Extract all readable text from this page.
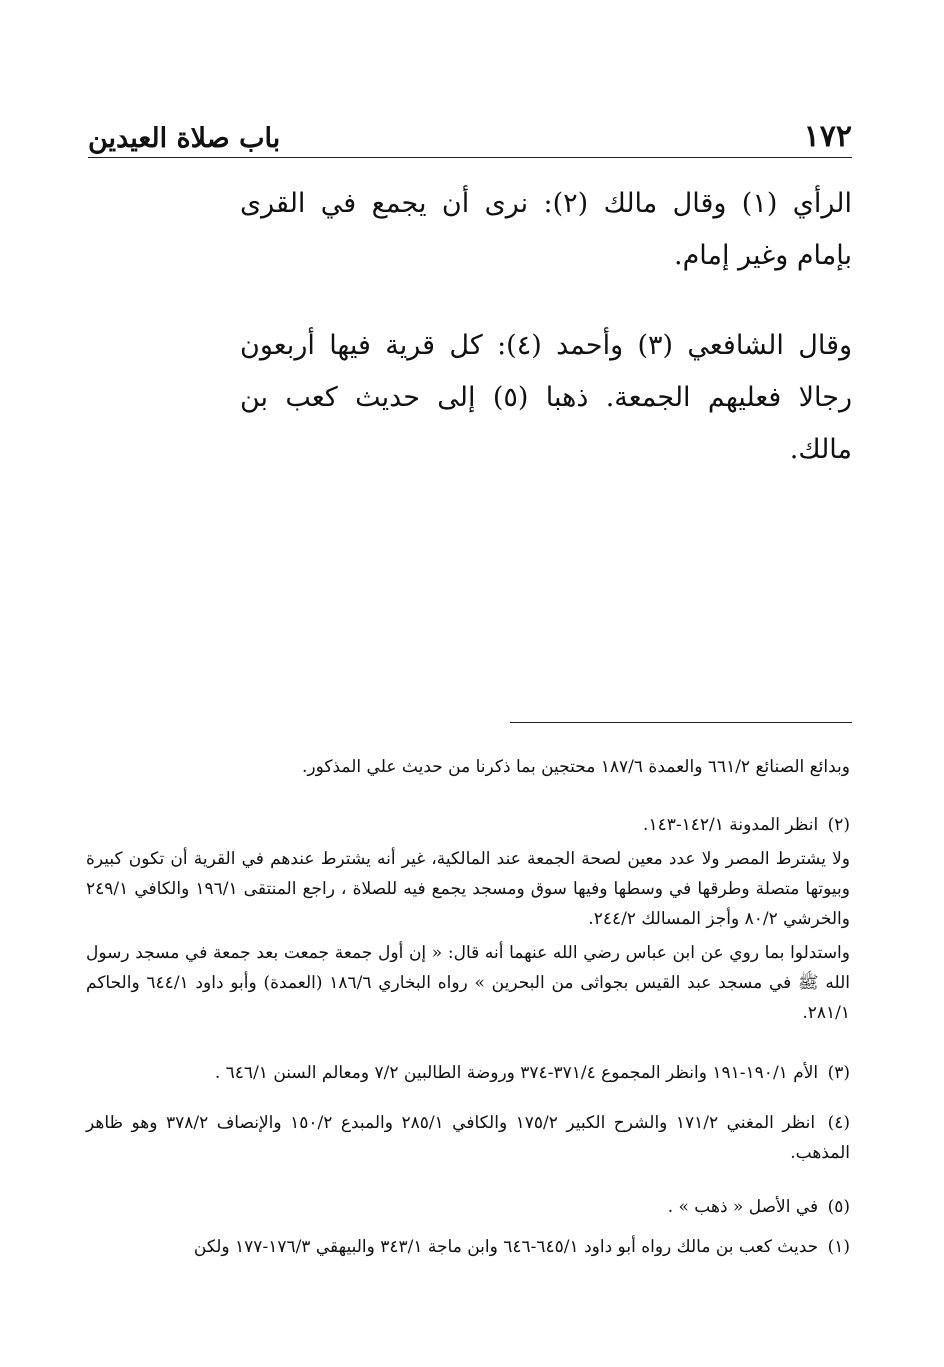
١٧٢
باب صلاة العيدين
الرأي (١) وقال مالك (٢): نرى أن يجمع في القرى بإمام وغير إمام.
وقال الشافعي (٣) وأحمد (٤): كل قرية فيها أربعون رجالا فعليهم الجمعة. ذهبا (٥) إلى حديث كعب بن مالك.
وبدائع الصنائع ٦٦١/٢ والعمدة ١٨٧/٦ محتجين بما ذكرنا من حديث علي المذكور.
(٢) انظر المدونة ١٤٢/١-١٤٣.
ولا يشترط المصر ولا عدد معين لصحة الجمعة عند المالكية، غير أنه يشترط عندهم في القرية أن تكون كبيرة وبيوتها متصلة وطرقها في وسطها وفيها سوق ومسجد يجمع فيه للصلاة ، راجع المنتقى ١٩٦/١ والكافي ٢٤٩/١ والخرشي ٨٠/٢ وأجز المسالك ٢٤٤/٢.
واستدلوا بما روي عن ابن عباس رضي الله عنهما أنه قال: « إن أول جمعة جمعت بعد جمعة في مسجد رسول الله ﷺ في مسجد عبد القيس بجواثى من البحرين » رواه البخاري ١٨٦/٦ (العمدة) وأبو داود ٦٤٤/١ والحاكم ٢٨١/١.
(٣) الأم ١٩٠/١-١٩١ وانظر المجموع ٣٧١/٤-٣٧٤ وروضة الطالبين ٧/٢ ومعالم السنن ٦٤٦/١ .
(٤) انظر المغني ١٧١/٢ والشرح الكبير ١٧٥/٢ والكافي ٢٨٥/١ والمبدع ١٥٠/٢ والإنصاف ٣٧٨/٢ وهو ظاهر المذهب.
(٥) في الأصل « ذهب » .
(١) حديث كعب بن مالك رواه أبو داود ٦٤٥/١-٦٤٦ وابن ماجة ٣٤٣/١ والبيهقي ١٧٦/٣-١٧٧ ولكن
